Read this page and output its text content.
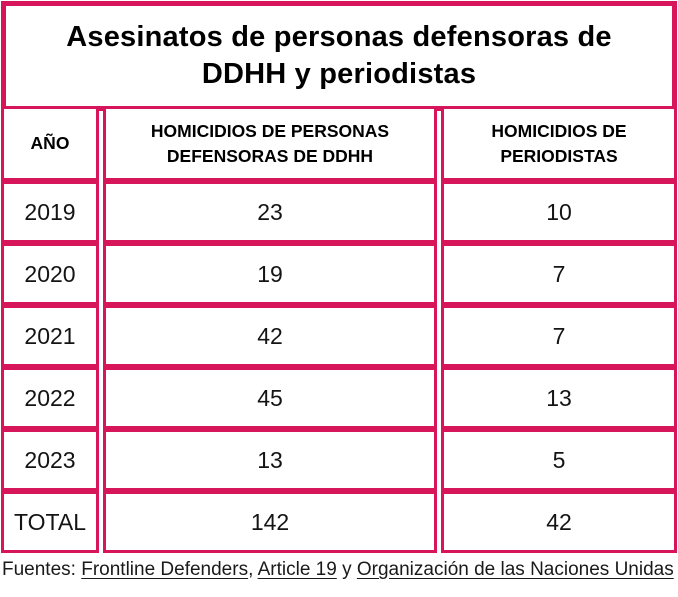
Asesinatos de personas defensoras de DDHH y periodistas
AÑO	HOMICIDIOS DE PERSONAS DEFENSORAS DE DDHH	HOMICIDIOS DE PERIODISTAS
2019	23	10
2020	19	7
2021	42	7
2022	45	13
2023	13	5
TOTAL	142	42

Fuentes: Frontline Defenders, Article 19 y Organización de las Naciones Unidas
